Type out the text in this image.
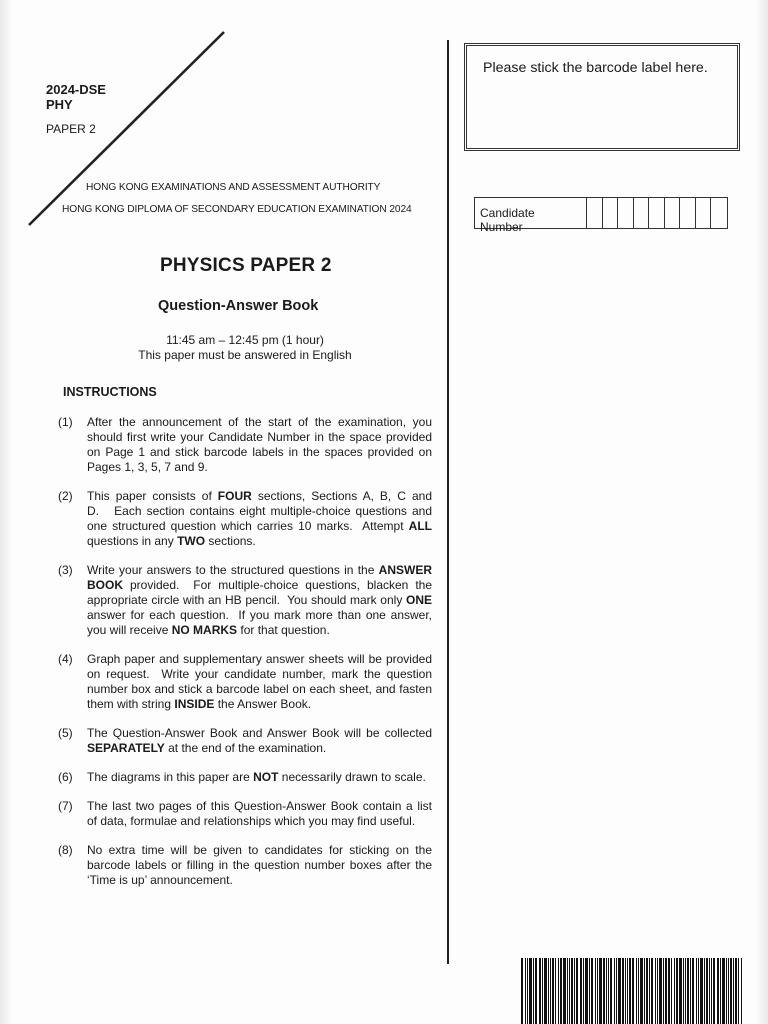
2024-DSE
PHY
PAPER 2
HONG KONG EXAMINATIONS AND ASSESSMENT AUTHORITY
HONG KONG DIPLOMA OF SECONDARY EDUCATION EXAMINATION 2024
PHYSICS PAPER 2
Question-Answer Book
11:45 am – 12:45 pm (1 hour)
This paper must be answered in English
INSTRUCTIONS
(1)	After the announcement of the start of the examination, you should first write your Candidate Number in the space provided on Page 1 and stick barcode labels in the spaces provided on Pages 1, 3, 5, 7 and 9.
(2)	This paper consists of FOUR sections, Sections A, B, C and D.   Each section contains eight multiple-choice questions and one structured question which carries 10 marks.  Attempt ALL questions in any TWO sections.
(3)	Write your answers to the structured questions in the ANSWER BOOK provided.  For multiple-choice questions, blacken the appropriate circle with an HB pencil.  You should mark only ONE answer for each question.  If you mark more than one answer, you will receive NO MARKS for that question.
(4)	Graph paper and supplementary answer sheets will be provided on request.  Write your candidate number, mark the question number box and stick a barcode label on each sheet, and fasten them with string INSIDE the Answer Book.
(5)	The Question-Answer Book and Answer Book will be collected SEPARATELY at the end of the examination.
(6)	The diagrams in this paper are NOT necessarily drawn to scale.
(7)	The last two pages of this Question-Answer Book contain a list of data, formulae and relationships which you may find useful.
(8)	No extra time will be given to candidates for sticking on the barcode labels or filling in the question number boxes after the ‘Time is up’ announcement.
Please stick the barcode label here.
Candidate Number
